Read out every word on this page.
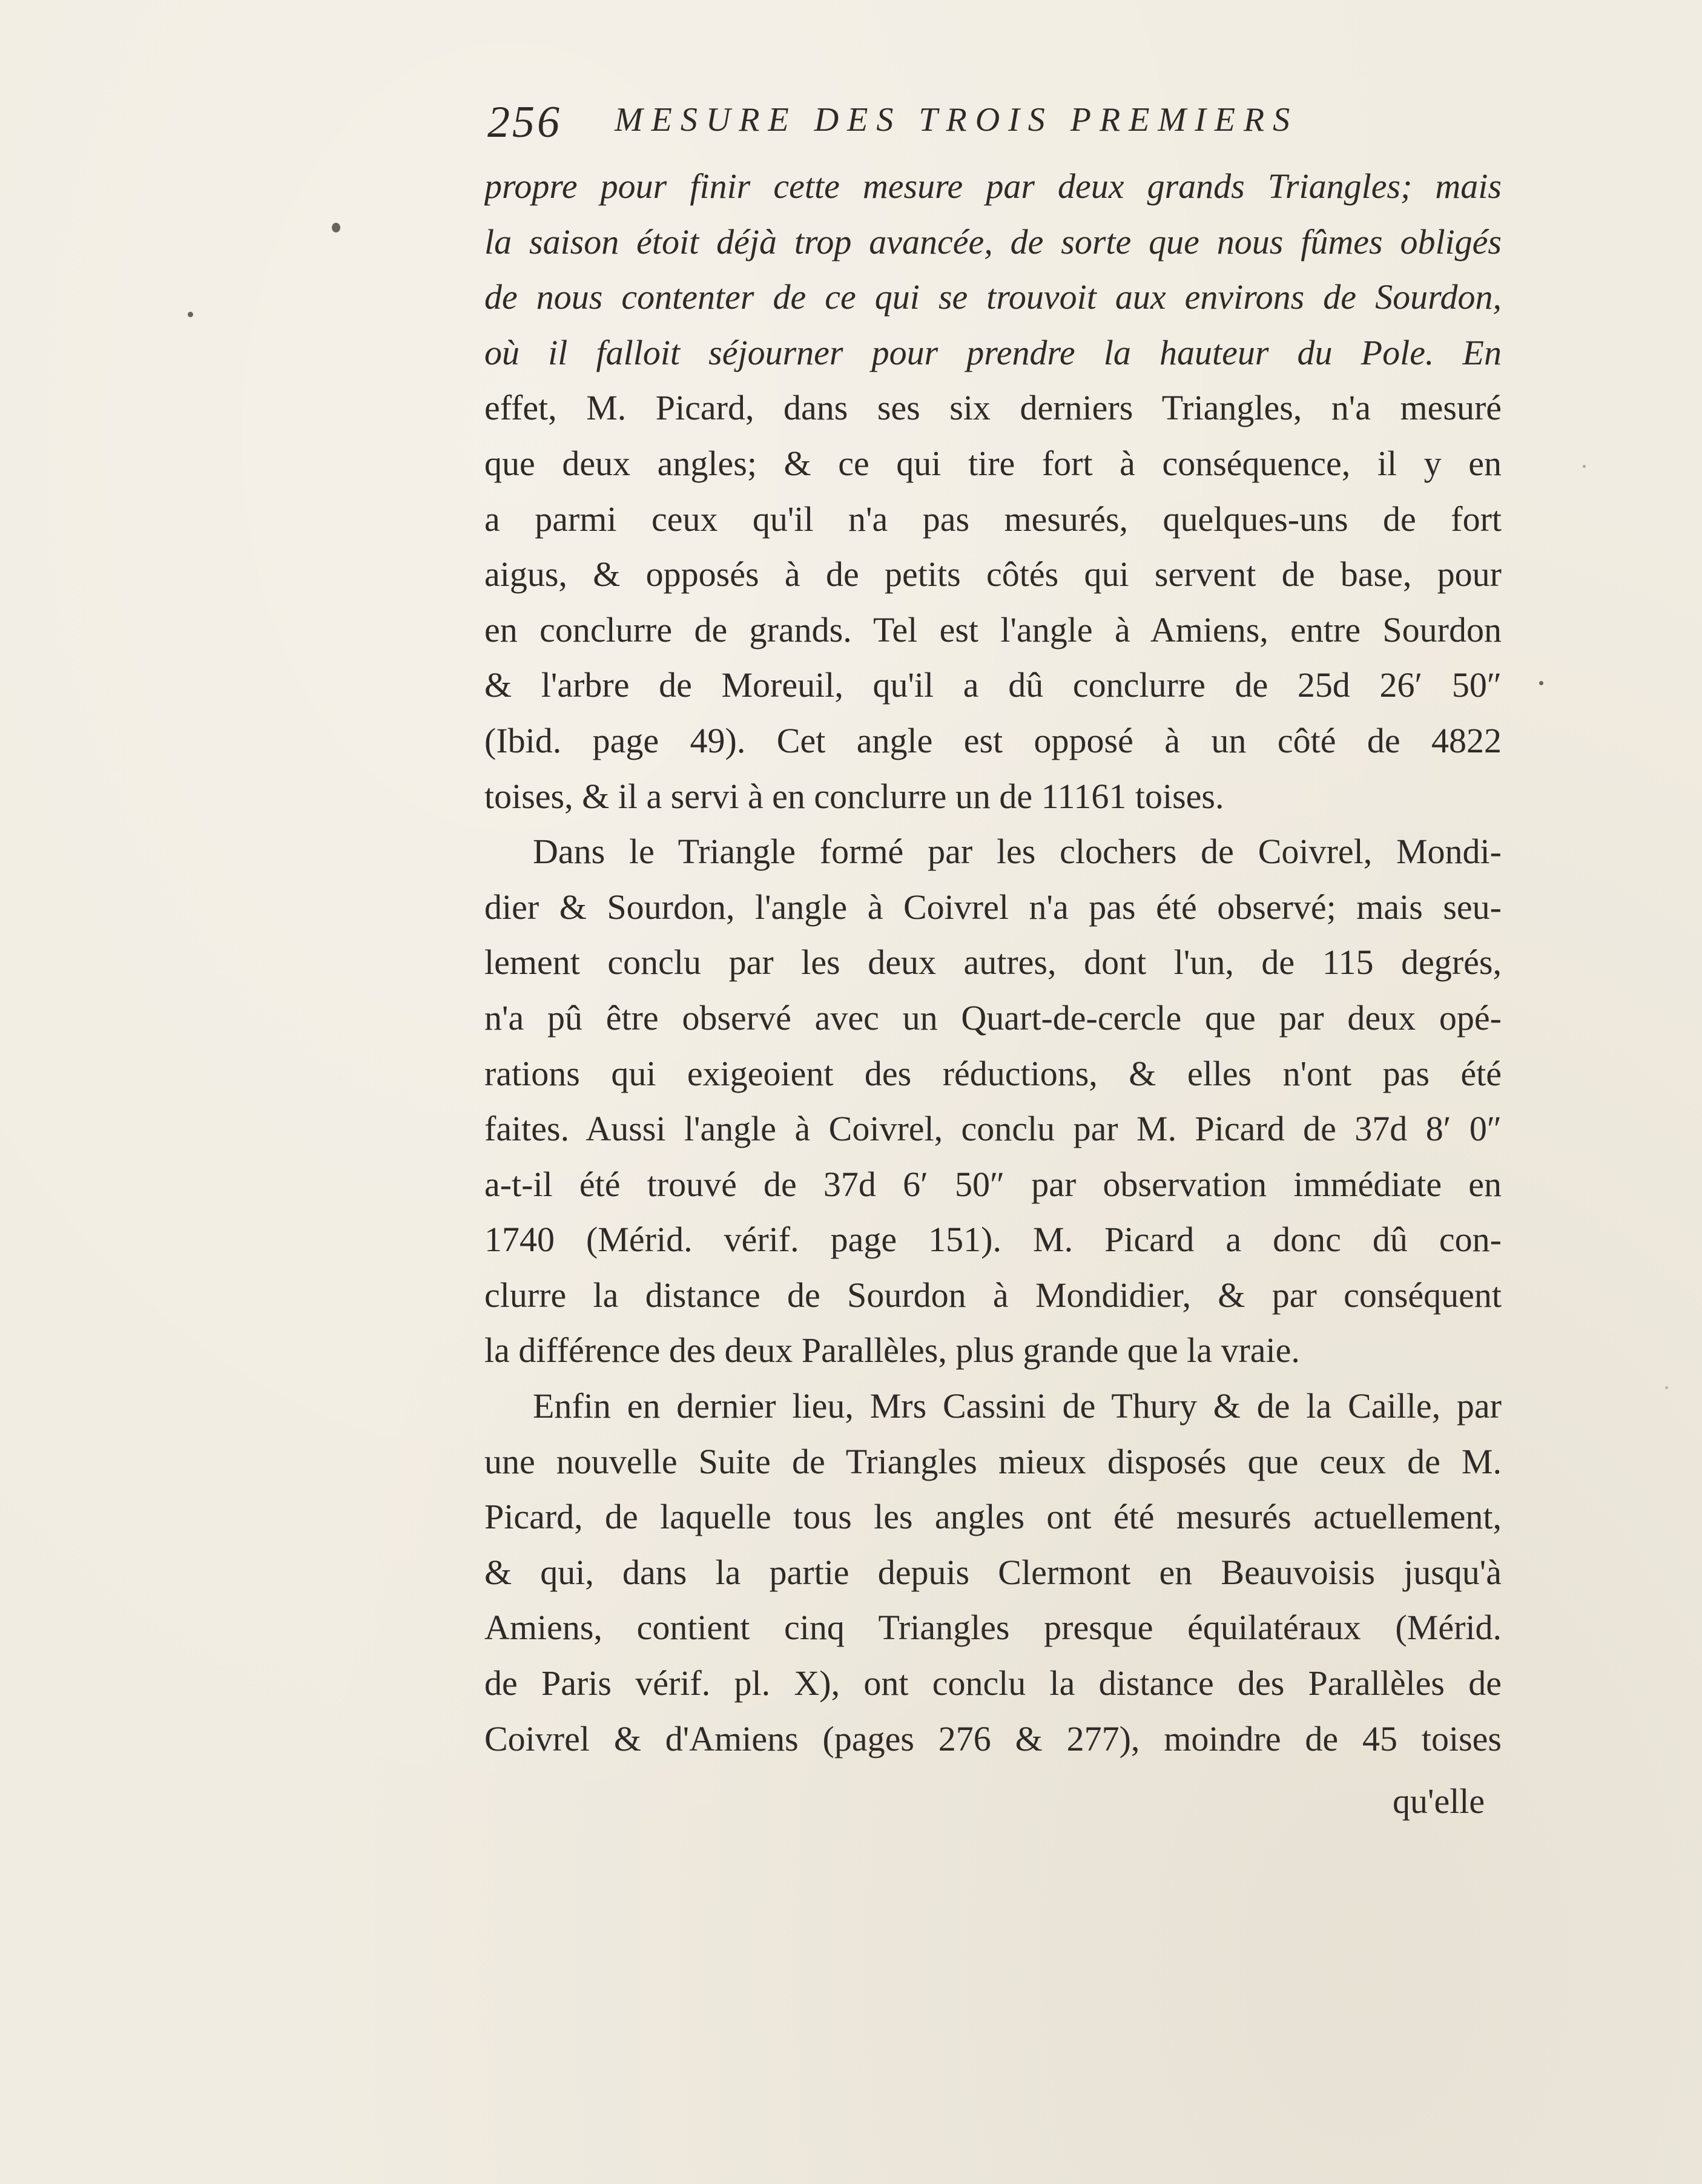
256 MESURE DES TROIS PREMIERS
propre pour finir cette mesure par deux grands Triangles; mais
la saison étoit déjà trop avancée, de sorte que nous fûmes obligés
de nous contenter de ce qui se trouvoit aux environs de Sourdon,
où il falloit séjourner pour prendre la hauteur du Pole. En
effet, M. Picard, dans ses six derniers Triangles, n'a mesuré
que deux angles; & ce qui tire fort à conséquence, il y en
a parmi ceux qu'il n'a pas mesurés, quelques-uns de fort
aigus, & opposés à de petits côtés qui servent de base, pour
en conclurre de grands. Tel est l'angle à Amiens, entre Sourdon
& l'arbre de Moreuil, qu'il a dû conclurre de 25d 26′ 50″
(Ibid. page 49). Cet angle est opposé à un côté de 4822
toises, & il a servi à en conclurre un de 11161 toises.
Dans le Triangle formé par les clochers de Coivrel, Mondi-
dier & Sourdon, l'angle à Coivrel n'a pas été observé; mais seu-
lement conclu par les deux autres, dont l'un, de 115 degrés,
n'a pû être observé avec un Quart-de-cercle que par deux opé-
rations qui exigeoient des réductions, & elles n'ont pas été
faites. Aussi l'angle à Coivrel, conclu par M. Picard de 37d 8′ 0″
a-t-il été trouvé de 37d 6′ 50″ par observation immédiate en
1740 (Mérid. vérif. page 151). M. Picard a donc dû con-
clurre la distance de Sourdon à Mondidier, & par conséquent
la différence des deux Parallèles, plus grande que la vraie.
Enfin en dernier lieu, Mrs Cassini de Thury & de la Caille, par
une nouvelle Suite de Triangles mieux disposés que ceux de M.
Picard, de laquelle tous les angles ont été mesurés actuellement,
& qui, dans la partie depuis Clermont en Beauvoisis jusqu'à
Amiens, contient cinq Triangles presque équilatéraux (Mérid.
de Paris vérif. pl. X), ont conclu la distance des Parallèles de
Coivrel & d'Amiens (pages 276 & 277), moindre de 45 toises
qu'elle
